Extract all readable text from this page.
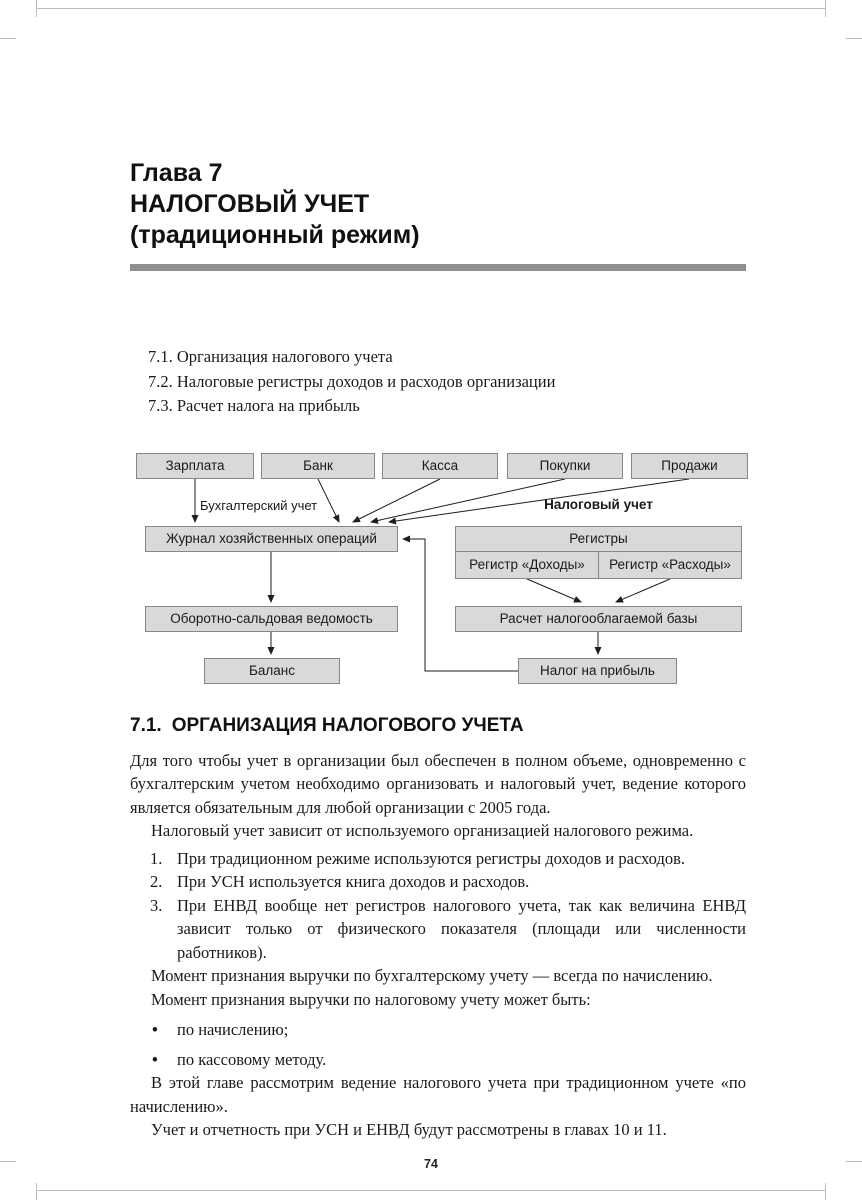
Глава 7
НАЛОГОВЫЙ УЧЕТ
(традиционный режим)
7.1. Организация налогового учета
7.2. Налоговые регистры доходов и расходов организации
7.3. Расчет налога на прибыль
Зарплата	Банк	Касса	Покупки	Продажи
Бухгалтерский учет	Налоговый учет
Журнал хозяйственных операций	Регистры
Регистр «Доходы»	Регистр «Расходы»
Оборотно-сальдовая ведомость	Расчет налогооблагаемой базы
Баланс	Налог на прибыль
7.1. ОРГАНИЗАЦИЯ НАЛОГОВОГО УЧЕТА

Для того чтобы учет в организации был обеспечен в полном объеме, одновременно с бухгалтерским учетом необходимо организовать и налоговый учет, ведение которого является обязательным для любой организации с 2005 года.

Налоговый учет зависит от используемого организацией налогового режима.

1. При традиционном режиме используются регистры доходов и расходов.
2. При УСН используется книга доходов и расходов.
3. При ЕНВД вообще нет регистров налогового учета, так как величина ЕНВД зависит только от физического показателя (площади или численности работников).

Момент признания выручки по бухгалтерскому учету — всегда по начислению.

Момент признания выручки по налоговому учету может быть:

•	по начислению;
•	по кассовому методу.

В этой главе рассмотрим ведение налогового учета при традиционном учете «по начислению».

Учет и отчетность при УСН и ЕНВД будут рассмотрены в главах 10 и 11.

74
